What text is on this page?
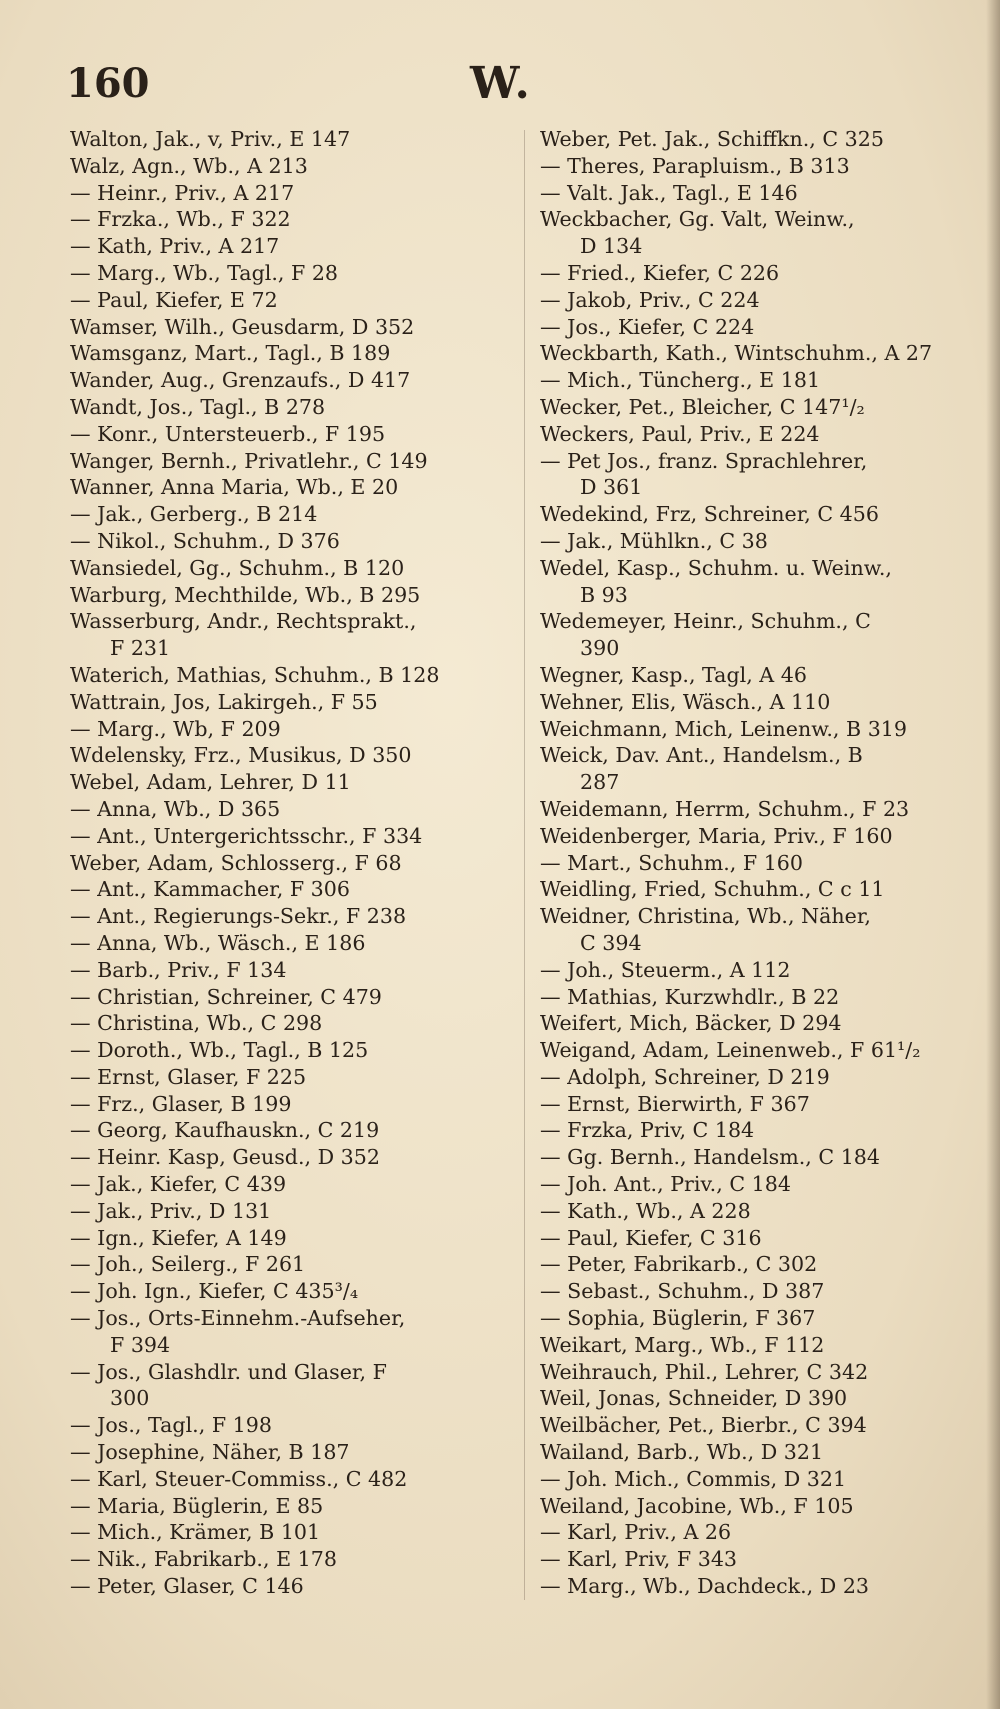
160	W.
Walton, Jak., v, Priv., E 147
Walz, Agn., Wb., A 213
— Heinr., Priv., A 217
— Frzka., Wb., F 322
— Kath, Priv., A 217
— Marg., Wb., Tagl., F 28
— Paul, Kiefer, E 72
Wamser, Wilh., Geusdarm, D 352
Wamsganz, Mart., Tagl., B 189
Wander, Aug., Grenzaufs., D 417
Wandt, Jos., Tagl., B 278
— Konr., Untersteuerb., F 195
Wanger, Bernh., Privatlehr., C 149
Wanner, Anna Maria, Wb., E 20
— Jak., Gerberg., B 214
— Nikol., Schuhm., D 376
Wansiedel, Gg., Schuhm., B 120
Warburg, Mechthilde, Wb., B 295
Wasserburg, Andr., Rechtsprakt.,
F 231
Waterich, Mathias, Schuhm., B 128
Wattrain, Jos, Lakirgeh., F 55
— Marg., Wb, F 209
Wdelensky, Frz., Musikus, D 350
Webel, Adam, Lehrer, D 11
— Anna, Wb., D 365
— Ant., Untergerichtsschr., F 334
Weber, Adam, Schlosserg., F 68
— Ant., Kammacher, F 306
— Ant., Regierungs-Sekr., F 238
— Anna, Wb., Wäsch., E 186
— Barb., Priv., F 134
— Christian, Schreiner, C 479
— Christina, Wb., C 298
— Doroth., Wb., Tagl., B 125
— Ernst, Glaser, F 225
— Frz., Glaser, B 199
— Georg, Kaufhauskn., C 219
— Heinr. Kasp, Geusd., D 352
— Jak., Kiefer, C 439
— Jak., Priv., D 131
— Ign., Kiefer, A 149
— Joh., Seilerg., F 261
— Joh. Ign., Kiefer, C 435³/₄
— Jos., Orts-Einnehm.-Aufseher,
F 394
— Jos., Glashdlr. und Glaser, F
300
— Jos., Tagl., F 198
— Josephine, Näher, B 187
— Karl, Steuer-Commiss., C 482
— Maria, Büglerin, E 85
— Mich., Krämer, B 101
— Nik., Fabrikarb., E 178
— Peter, Glaser, C 146
Weber, Pet. Jak., Schiffkn., C 325
— Theres, Parapluism., B 313
— Valt. Jak., Tagl., E 146
Weckbacher, Gg. Valt, Weinw.,
D 134
— Fried., Kiefer, C 226
— Jakob, Priv., C 224
— Jos., Kiefer, C 224
Weckbarth, Kath., Wintschuhm., A 27
— Mich., Tüncherg., E 181
Wecker, Pet., Bleicher, C 147¹/₂
Weckers, Paul, Priv., E 224
— Pet Jos., franz. Sprachlehrer,
D 361
Wedekind, Frz, Schreiner, C 456
— Jak., Mühlkn., C 38
Wedel, Kasp., Schuhm. u. Weinw.,
B 93
Wedemeyer, Heinr., Schuhm., C
390
Wegner, Kasp., Tagl, A 46
Wehner, Elis, Wäsch., A 110
Weichmann, Mich, Leinenw., B 319
Weick, Dav. Ant., Handelsm., B
287
Weidemann, Herrm, Schuhm., F 23
Weidenberger, Maria, Priv., F 160
— Mart., Schuhm., F 160
Weidling, Fried, Schuhm., C c 11
Weidner, Christina, Wb., Näher,
C 394
— Joh., Steuerm., A 112
— Mathias, Kurzwhdlr., B 22
Weifert, Mich, Bäcker, D 294
Weigand, Adam, Leinenweb., F 61¹/₂
— Adolph, Schreiner, D 219
— Ernst, Bierwirth, F 367
— Frzka, Priv, C 184
— Gg. Bernh., Handelsm., C 184
— Joh. Ant., Priv., C 184
— Kath., Wb., A 228
— Paul, Kiefer, C 316
— Peter, Fabrikarb., C 302
— Sebast., Schuhm., D 387
— Sophia, Büglerin, F 367
Weikart, Marg., Wb., F 112
Weihrauch, Phil., Lehrer, C 342
Weil, Jonas, Schneider, D 390
Weilbächer, Pet., Bierbr., C 394
Wailand, Barb., Wb., D 321
— Joh. Mich., Commis, D 321
Weiland, Jacobine, Wb., F 105
— Karl, Priv., A 26
— Karl, Priv, F 343
— Marg., Wb., Dachdeck., D 23
